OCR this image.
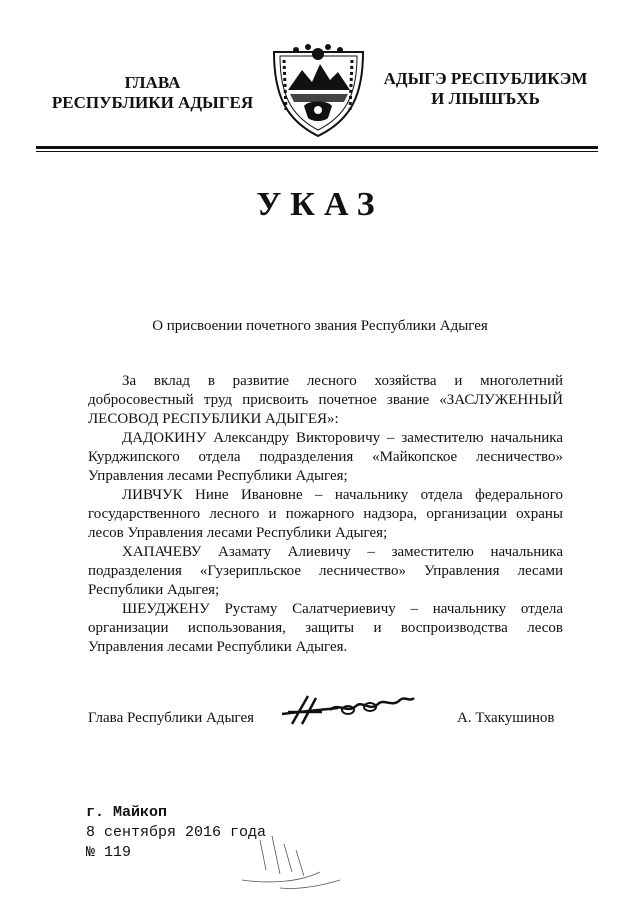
ГЛАВА
РЕСПУБЛИКИ АДЫГЕЯ
АДЫГЭ РЕСПУБЛИКЭМ
И ЛІЫШЪХЬ
УКАЗ
О присвоении почетного звания Республики Адыгея

За вклад в развитие лесного хозяйства и многолетний добросовестный труд присвоить почетное звание «ЗАСЛУЖЕННЫЙ ЛЕСОВОД РЕСПУБЛИКИ АДЫГЕЯ»:

ДАДОКИНУ Александру Викторовичу – заместителю начальника Курджипского отдела подразделения «Майкопское лесничество» Управления лесами Республики Адыгея;

ЛИВЧУК Нине Ивановне – начальнику отдела федерального государственного лесного и пожарного надзора, организации охраны лесов Управления лесами Республики Адыгея;

ХАПАЧЕВУ Азамату Алиевичу – заместителю начальника подразделения «Гузерипльское лесничество» Управления лесами Республики Адыгея;

ШЕУДЖЕНУ Рустаму Салатчериевичу – начальнику отдела организации использования, защиты и воспроизводства лесов Управления лесами Республики Адыгея.

Глава Республики Адыгея	А. Тхакушинов
г. Майкоп
8 сентября 2016 года
№ 119
